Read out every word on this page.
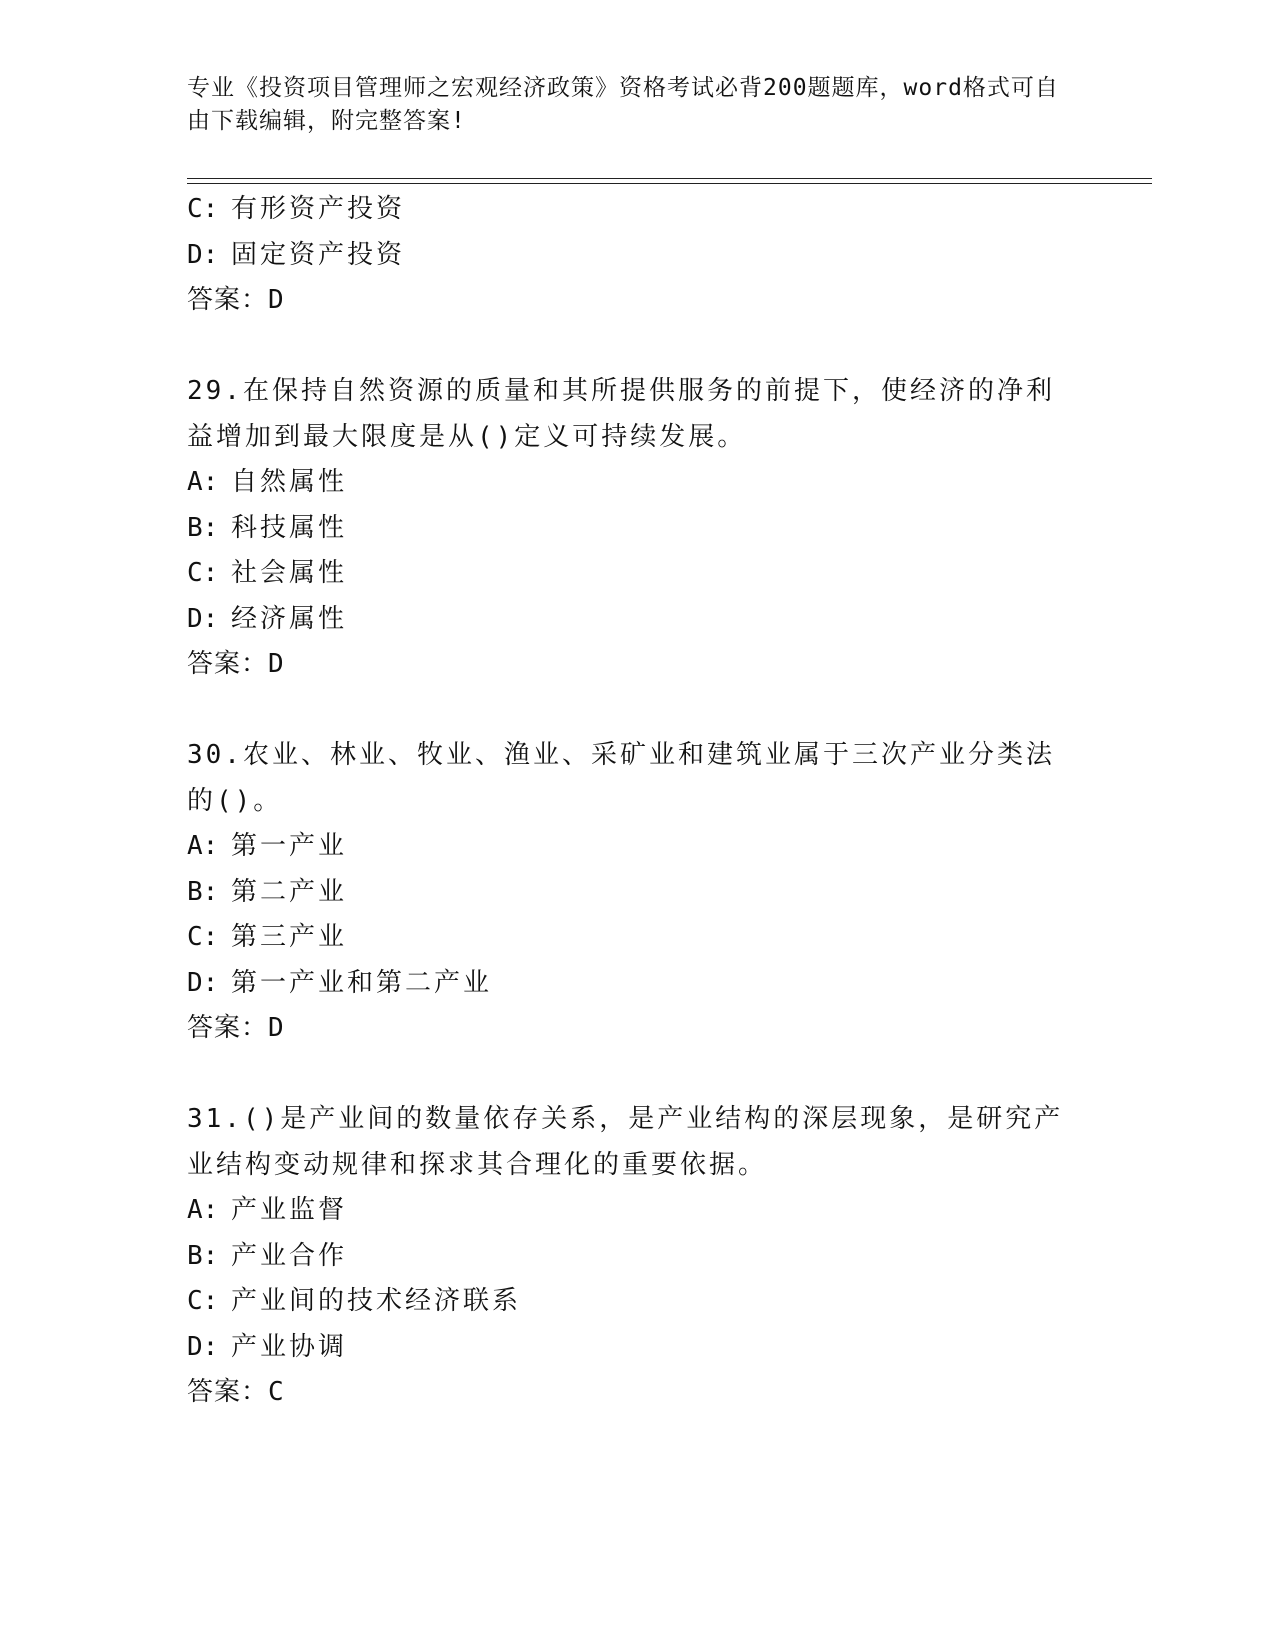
专业《投资项目管理师之宏观经济政策》资格考试必背200题题库，word格式可自由下载编辑，附完整答案!
C: 有形资产投资
D: 固定资产投资
答案：D
29.在保持自然资源的质量和其所提供服务的前提下，使经济的净利益增加到最大限度是从()定义可持续发展。
A: 自然属性
B: 科技属性
C: 社会属性
D: 经济属性
答案：D
30.农业、林业、牧业、渔业、采矿业和建筑业属于三次产业分类法的()。
A: 第一产业
B: 第二产业
C: 第三产业
D: 第一产业和第二产业
答案：D
31.()是产业间的数量依存关系，是产业结构的深层现象，是研究产业结构变动规律和探求其合理化的重要依据。
A: 产业监督
B: 产业合作
C: 产业间的技术经济联系
D: 产业协调
答案：C
